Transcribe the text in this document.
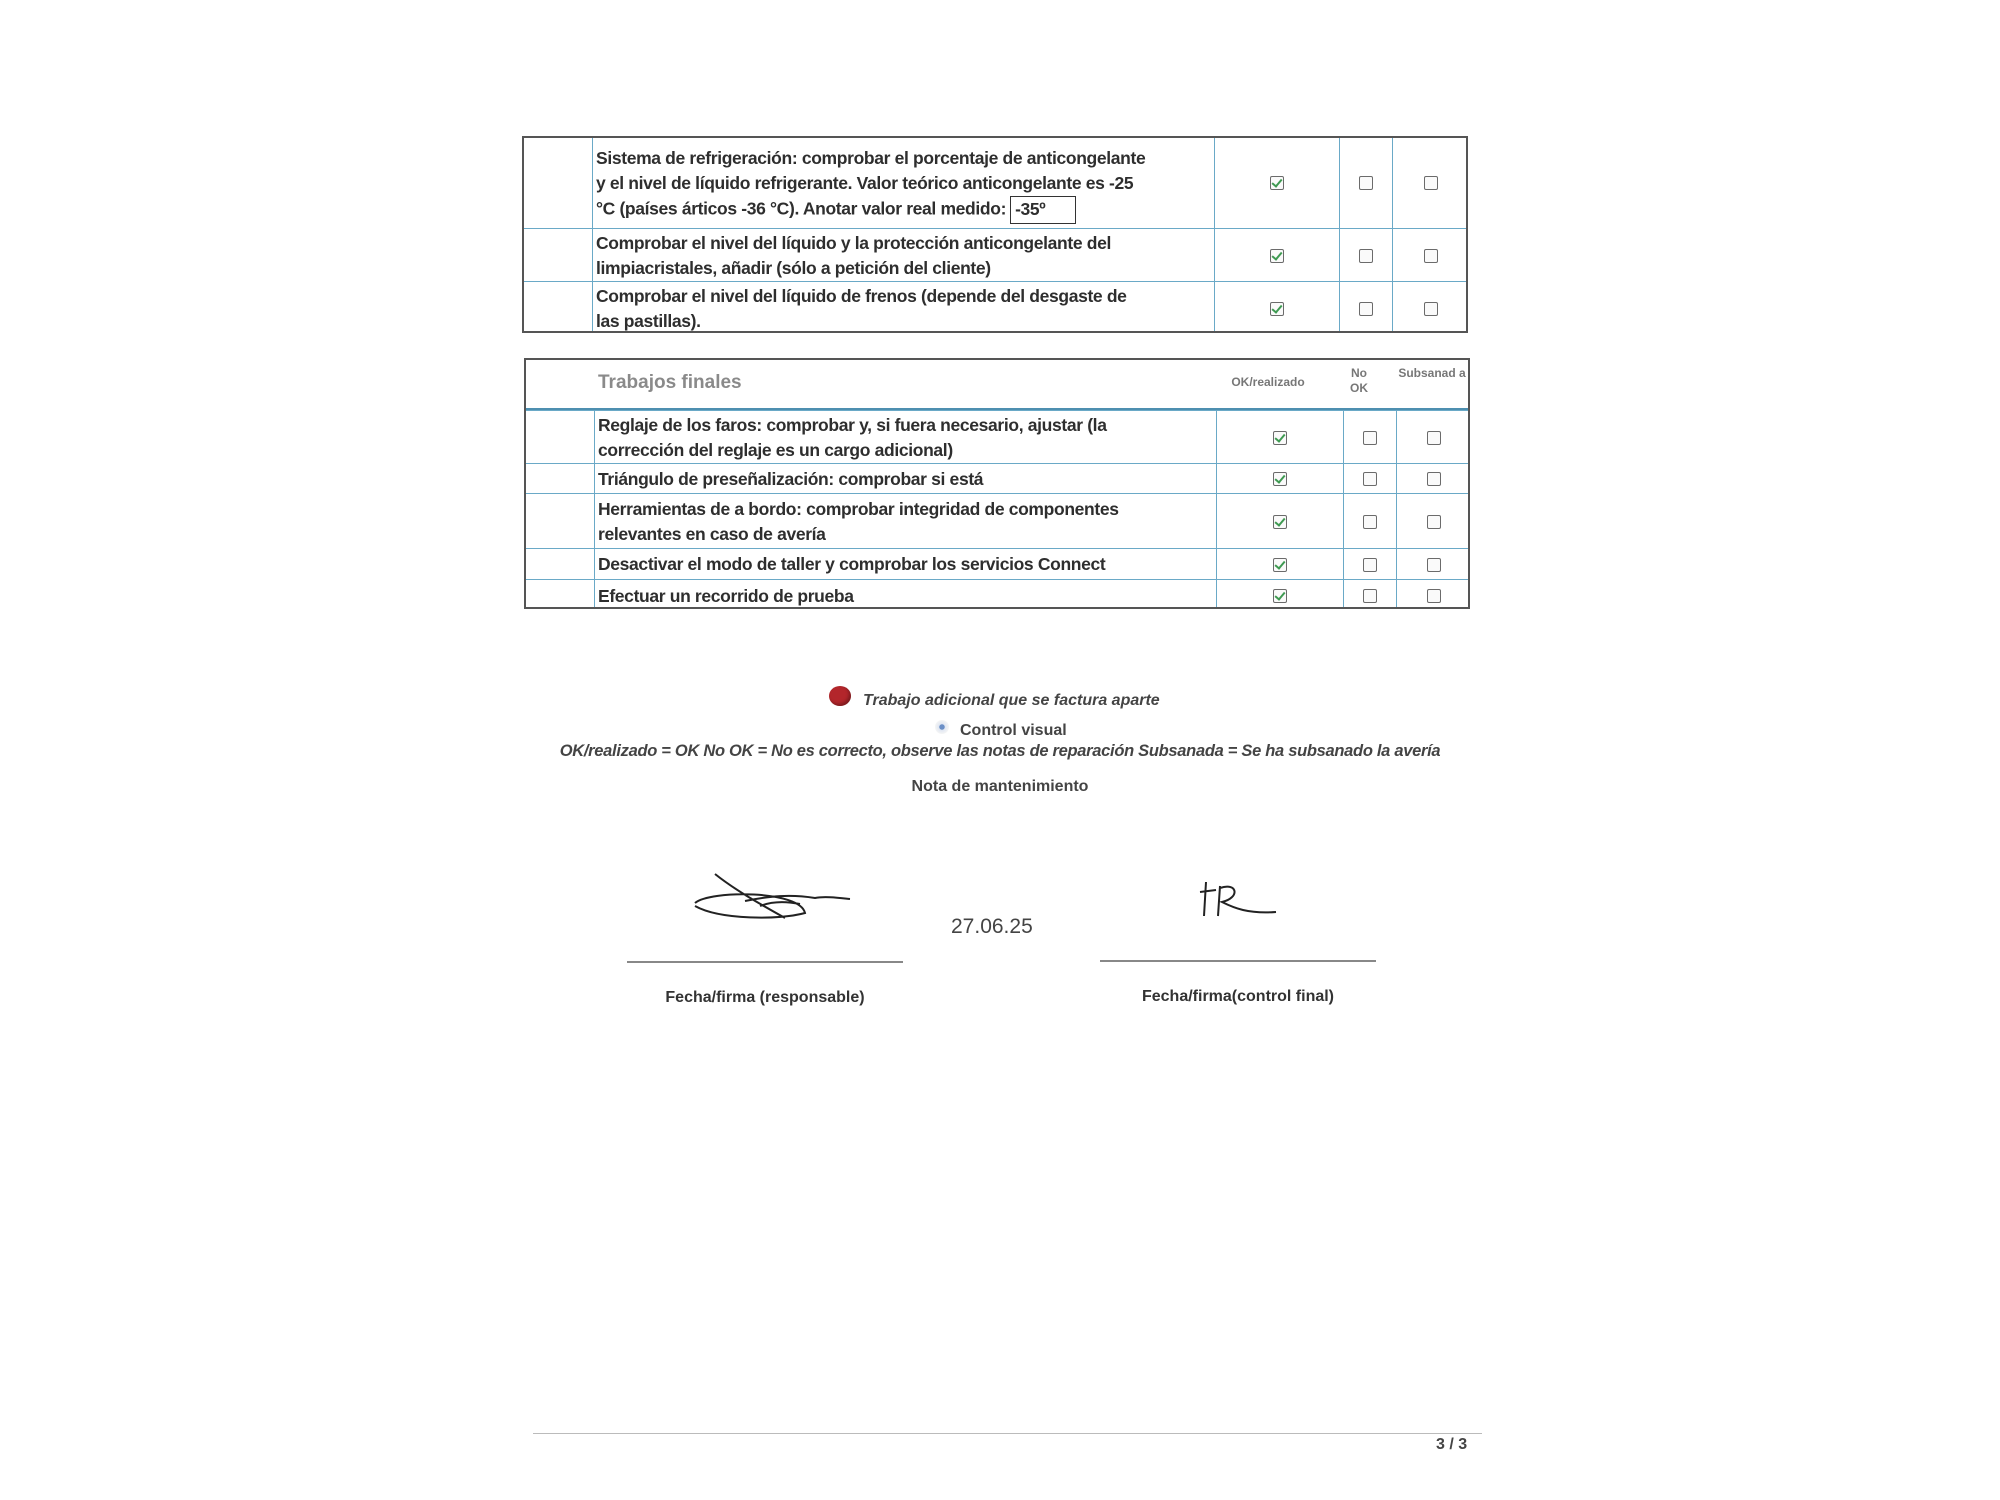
Sistema de refrigeración: comprobar el porcentaje de anticongelante
y el nivel de líquido refrigerante. Valor teórico anticongelante es -25
°C (países árticos -36 °C). Anotar valor real medido: -35º
Comprobar el nivel del líquido y la protección anticongelante del
limpiacristales, añadir (sólo a petición del cliente)
Comprobar el nivel del líquido de frenos (depende del desgaste de
las pastillas).
Trabajos finales	OK/realizado
No OK
Subsanad a
Reglaje de los faros: comprobar y, si fuera necesario, ajustar (la
corrección del reglaje es un cargo adicional)
Triángulo de preseñalización: comprobar si está
Herramientas de a bordo: comprobar integridad de componentes
relevantes en caso de avería
Desactivar el modo de taller y comprobar los servicios Connect
Efectuar un recorrido de prueba
Trabajo adicional que se factura aparte
Control visual
OK/realizado = OK No OK = No es correcto, observe las notas de reparación Subsanada = Se ha subsanado la avería
Nota de mantenimiento
27.06.25
Fecha/firma (responsable)	Fecha/firma(control final)
3 / 3
